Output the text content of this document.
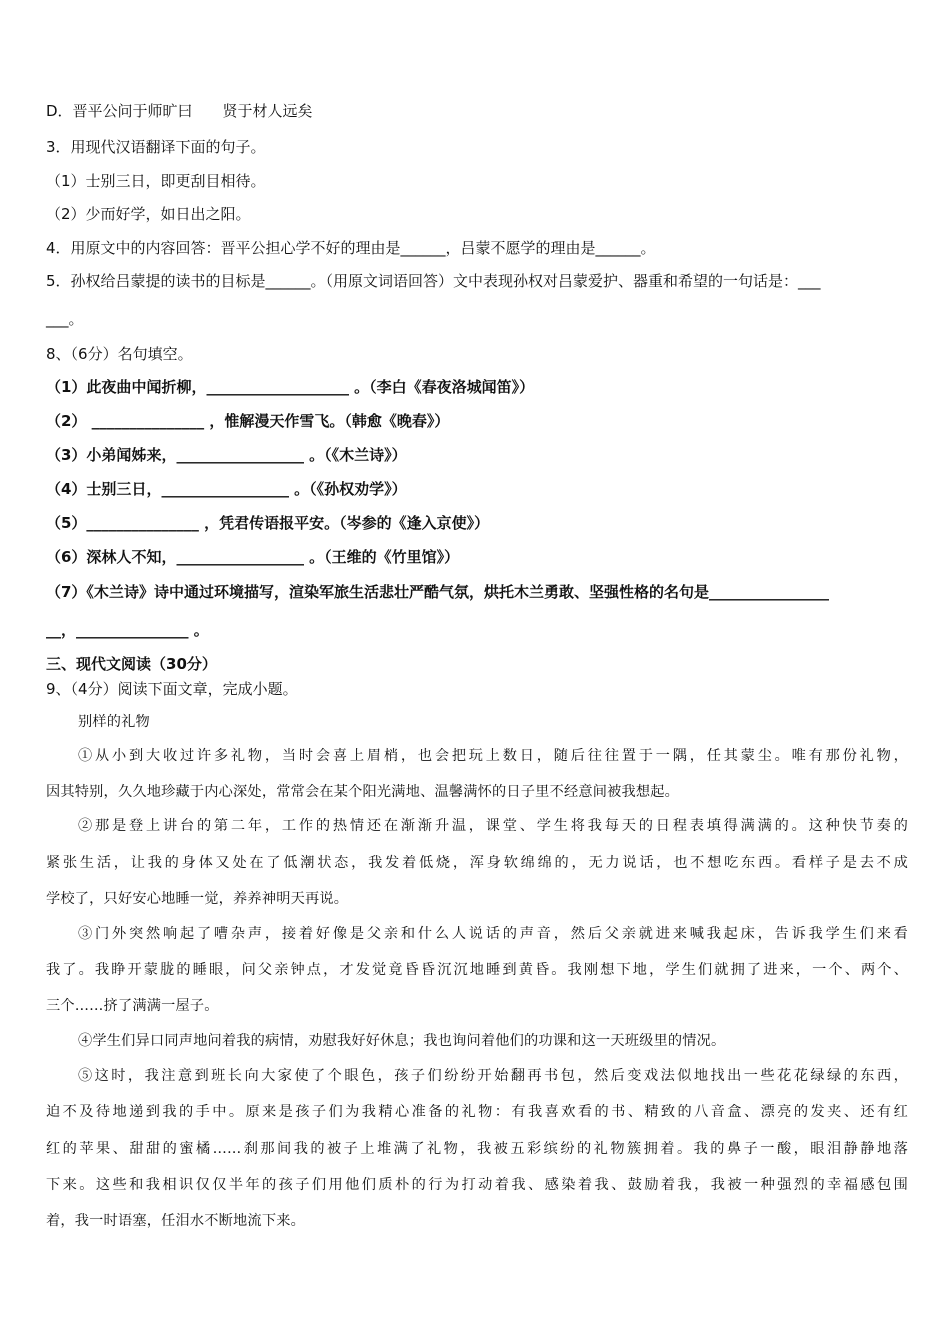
D．晋平公问于师旷曰　　贤于材人远矣
3．用现代汉语翻译下面的句子。
（1）士别三日，即更刮目相待。
（2）少而好学，如日出之阳。
4．用原文中的内容回答：晋平公担心学不好的理由是______，吕蒙不愿学的理由是______。
5．孙权给吕蒙提的读书的目标是______。（用原文词语回答）文中表现孙权对吕蒙爱护、器重和希望的一句话是：___
___。
8、（6分）名句填空。
（1）此夜曲中闻折柳，___________________ 。（李白《春夜洛城闻笛》）
（2） _______________ ，惟解漫天作雪飞。（韩愈《晚春》）
（3）小弟闻姊来，_________________ 。（《木兰诗》）
（4）士别三日，_________________ 。（《孙权劝学》）
（5）_______________ ，凭君传语报平安。（岑参的《逢入京使》）
（6）深林人不知，_________________ 。（王维的《竹里馆》）
（7）《木兰诗》诗中通过环境描写，渲染军旅生活悲壮严酷气氛，烘托木兰勇敢、坚强性格的名句是________________
__，_______________ 。
三、现代文阅读（30分）
9、（4分）阅读下面文章，完成小题。
别样的礼物
①从小到大收过许多礼物，当时会喜上眉梢，也会把玩上数日，随后往往置于一隅，任其蒙尘。唯有那份礼物，
因其特别，久久地珍藏于内心深处，常常会在某个阳光满地、温馨满怀的日子里不经意间被我想起。
②那是登上讲台的第二年，工作的热情还在渐渐升温，课堂、学生将我每天的日程表填得满满的。这种快节奏的
紧张生活，让我的身体又处在了低潮状态，我发着低烧，浑身软绵绵的，无力说话，也不想吃东西。看样子是去不成
学校了，只好安心地睡一觉，养养神明天再说。
③门外突然响起了嘈杂声，接着好像是父亲和什么人说话的声音，然后父亲就进来喊我起床，告诉我学生们来看
我了。我睁开蒙胧的睡眼，问父亲钟点，才发觉竟昏昏沉沉地睡到黄昏。我刚想下地，学生们就拥了进来，一个、两个、
三个……挤了满满一屋子。
④学生们异口同声地问着我的病情，劝慰我好好休息；我也询问着他们的功课和这一天班级里的情况。
⑤这时，我注意到班长向大家使了个眼色，孩子们纷纷开始翻再书包，然后变戏法似地找出一些花花绿绿的东西，
迫不及待地递到我的手中。原来是孩子们为我精心准备的礼物：有我喜欢看的书、精致的八音盒、漂亮的发夹、还有红
红的苹果、甜甜的蜜橘……刹那间我的被子上堆满了礼物，我被五彩缤纷的礼物簇拥着。我的鼻子一酸，眼泪静静地落
下来。这些和我相识仅仅半年的孩子们用他们质朴的行为打动着我、感染着我、鼓励着我，我被一种强烈的幸福感包围
着，我一时语塞，任泪水不断地流下来。
